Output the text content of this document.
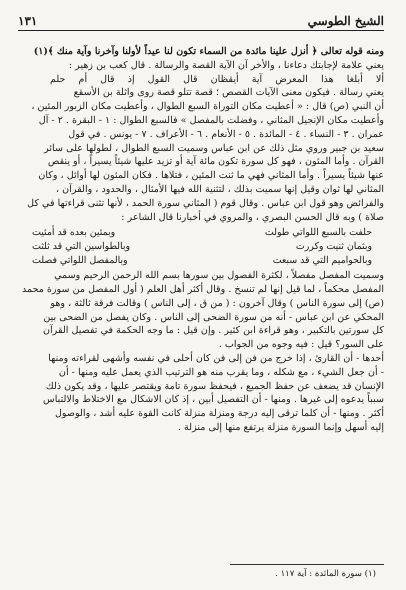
الشيخ الطوسي
١٣١

ومنه قوله تعالى ﴿ أنزل علينا مائدة من السماء تكون لنا عيداً لأولنا وآخرنا وآية منك ﴾(١)

يعني علامة لإجابتك دعاءنا ، والأخر آن الآية القصة والرسالة . قال كعب بن زهير :

ألا أبلغا هذا المعرض آية أيقظان قال القول إذ قال أم حلم

يعني رسالة . فيكون معنى الآيات القصص ؛ قصة تتلو قصة روى واثلة بن الأسقع

أن النبي (ص) قال : « أعطيت مكان التوراة السبع الطوال ، وأعطيت مكان الزبور المئين ،

وأعطيت مكان الإنجيل المثاني ، وفضلت بالمفصل » فالسبع الطوال : ١ - البقرة . ٢ - آل

عمران . ٣ - النساء . ٤ - المائدة . ٥ - الأنعام . ٦ - الأعراف . ٧ - يونس . في قول

سعيد بن جبير وروي مثل ذلك عن ابن عباس وسميت السبع الطوال ، لطولها على سائر

القرآن . وأما المئون ، فهو كل سورة تكون مائة آية أو تزيد عليها شيئاً يسيراً ، أو ينقص

عنها شيئاً يسيراً . وأما المثاني فهي ما ثنت المئين ، فتلاها . فكان المئون لها أوائل ، وكان

المثاني لها ثوان وقيل إنها سميت بذلك ، لتثنية الله فيها الأمثال ، والحدود ، والقرآن ،

والفرائض وهو قول ابن عباس . وقال قوم ( المثاني سورة الحمد ، لأنها تثنى قراءتها في كل

صلاة ) وبه قال الحسن البصري ، والمروي في أخبارنا قال الشاعر :

حلفت بالسبع اللواتي طولت
وبمئين بعده قد أمئيت
وبثمان ثنيت وكررت
وبالطواسين التي قد ثلثت
وبالحواميم التي قد سبعت
وبالمفصل اللواتي فصلت

وسميت المفصل مفصلاً ، لكثرة الفصول بين سورها بسم الله الرحمن الرحيم وسمي

المفصل محكماً ، لما قيل إنها لم تنسخ . وقال أكثر أهل العلم ( أول المفصل من سورة محمد

(ص) إلى سورة الناس ) وقال آخرون : ( من ق ، إلى الناس ) وقالت فرقة ثالثة ، وهو

المحكي عن ابن عباس - أنه من سورة الضحى إلى الناس . وكان يفصل من الضحى بين

كل سورتين بالتكبير ، وهو قراءة ابن كثير . وإن قيل : ما وجه الحكمة في تفصيل القرآن

على السور؟ قيل : فيه وجوه من الجواب .

أحدها - أن القارئ ، إذا خرج من فن إلى فن كان أحلى في نفسه وأشهى لقراءته ومنها

- أن جعل الشيء ، مع شكله ، وما يقرب منه هو الترتيب الذي يعمل عليه ومنها - أن

الإنسان قد يضعف عن حفظ الجميع ، فيحفظ سورة تامة ويقتصر عليها ، وقد يكون ذلك

سبباً يدعوه إلى غيرها . ومنها - أن التفصيل أبين ، إذ كان الاشكال مع الاختلاط والالتباس

أكثر . ومنها - أن كلما ترقى إليه درجة ومنزلة منزلة كانت القوة عليه أشد ، والوصول

إليه أسهل وإنما السورة منزلة يرتفع منها إلى منزلة .

(١) سورة المائدة : آية ١١٧ .
